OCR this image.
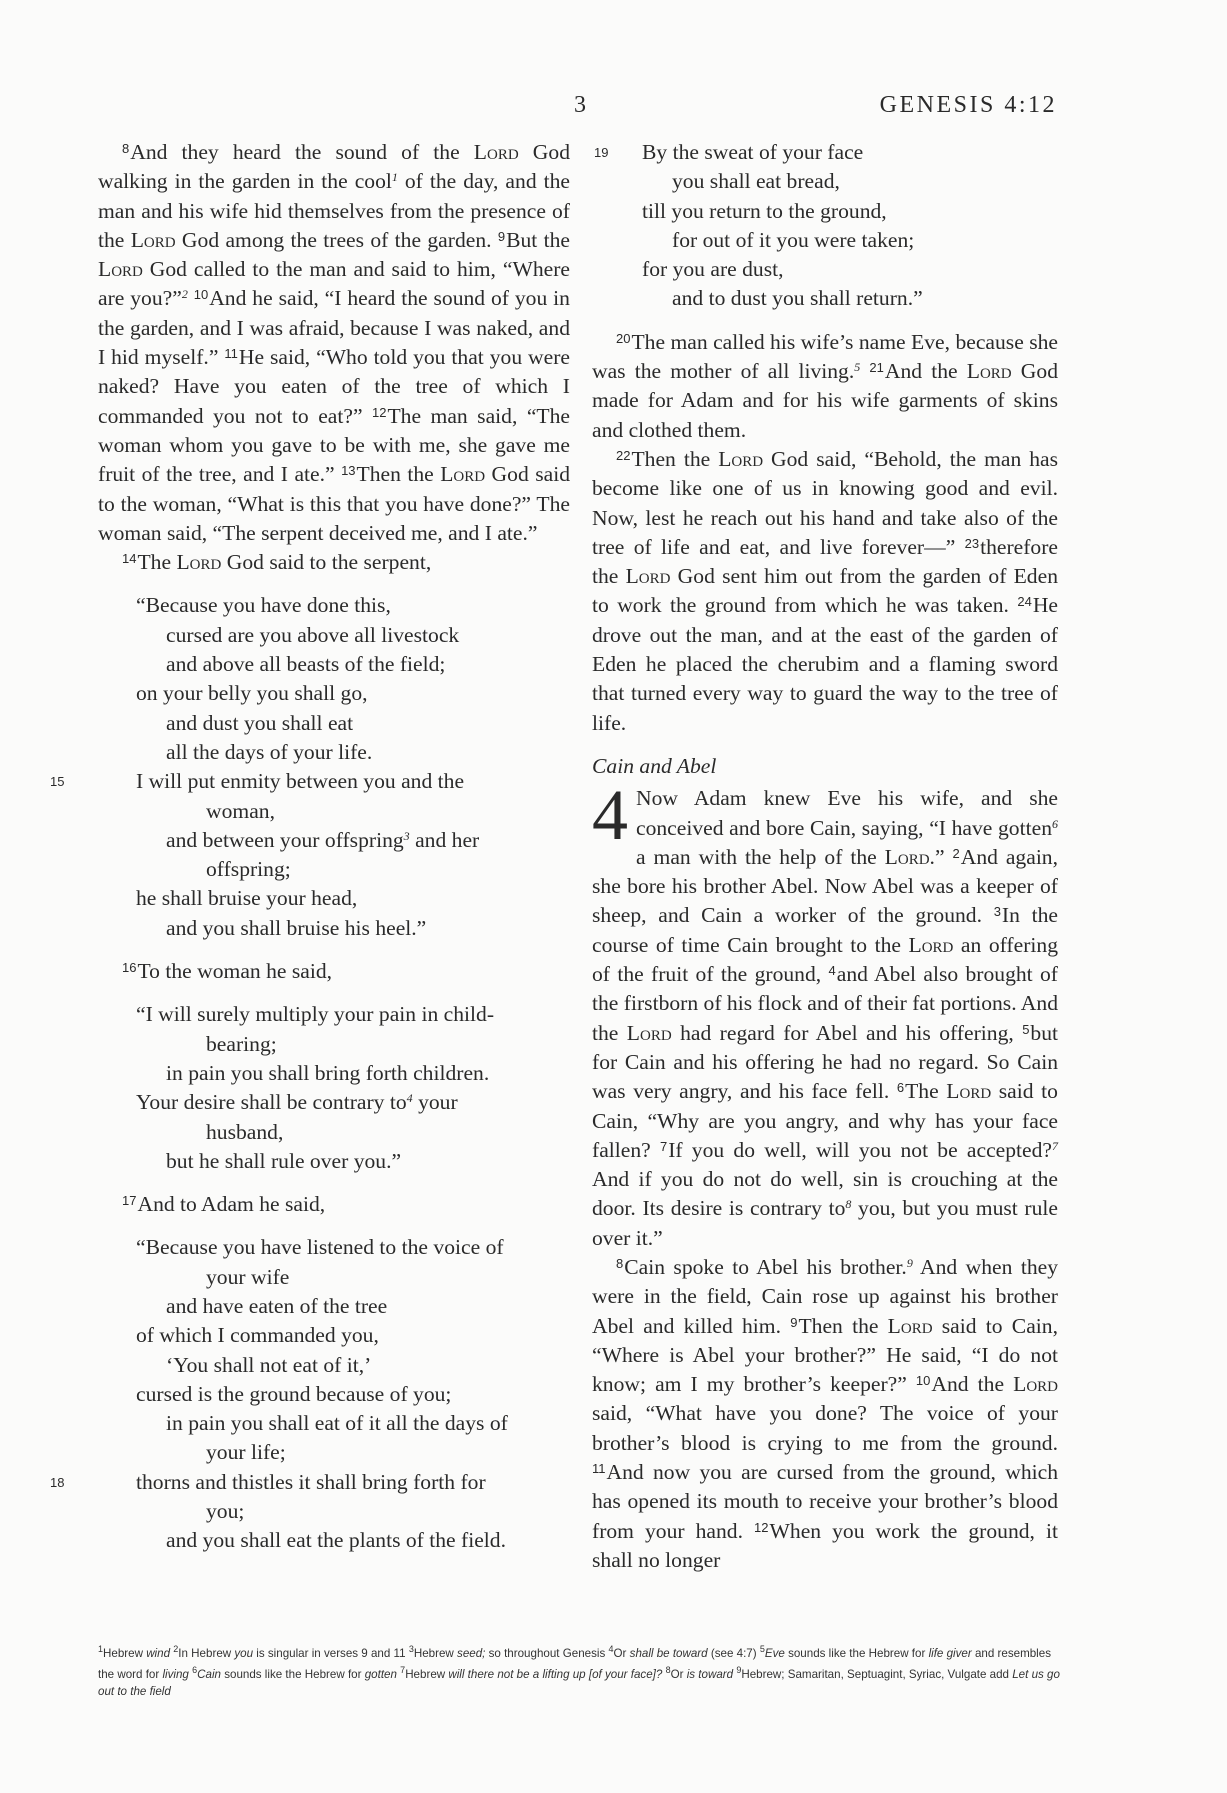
3	GENESIS 4:12

$^8$And they heard the sound of the Lord God walking in the garden in the cool$^1$ of the day, and the man and his wife hid themselves from the presence of the Lord God among the trees of the garden. $^9$But the Lord God called to the man and said to him, “Where are you?”$^2$ $^{10}$And he said, “I heard the sound of you in the garden, and I was afraid, because I was naked, and I hid myself.” $^{11}$He said, “Who told you that you were naked? Have you eaten of the tree of which I commanded you not to eat?” $^{12}$The man said, “The woman whom you gave to be with me, she gave me fruit of the tree, and I ate.” $^{13}$Then the Lord God said to the woman, “What is this that you have done?” The woman said, “The serpent deceived me, and I ate.”

$^{14}$The Lord God said to the serpent,

“Because you have done this,
cursed are you above all livestock
and above all beasts of the field;
on your belly you shall go,
and dust you shall eat
all the days of your life.
15	I will put enmity between you and the
woman,
and between your offspring$^3$ and her
offspring;
he shall bruise your head,
and you shall bruise his heel.”

$^{16}$To the woman he said,

“I will surely multiply your pain in child-
bearing;
in pain you shall bring forth children.
Your desire shall be contrary to$^4$ your
husband,
but he shall rule over you.”

$^{17}$And to Adam he said,

“Because you have listened to the voice of
your wife
and have eaten of the tree
of which I commanded you,
‘You shall not eat of it,’
cursed is the ground because of you;
in pain you shall eat of it all the days of
your life;
18	thorns and thistles it shall bring forth for
you;
and you shall eat the plants of the field.
19 By the sweat of your face
you shall eat bread,
till you return to the ground,
for out of it you were taken;
for you are dust,
and to dust you shall return.”

$^{20}$The man called his wife’s name Eve, because she was the mother of all living.$^5$ $^{21}$And the Lord God made for Adam and for his wife garments of skins and clothed them.

$^{22}$Then the Lord God said, “Behold, the man has become like one of us in knowing good and evil. Now, lest he reach out his hand and take also of the tree of life and eat, and live forever—” $^{23}$therefore the Lord God sent him out from the garden of Eden to work the ground from which he was taken. $^{24}$He drove out the man, and at the east of the garden of Eden he placed the cherubim and a flaming sword that turned every way to guard the way to the tree of life.

Cain and Abel

4 Now Adam knew Eve his wife, and she conceived and bore Cain, saying, “I have gotten$^6$ a man with the help of the Lord.” $^2$And again, she bore his brother Abel. Now Abel was a keeper of sheep, and Cain a worker of the ground. $^3$In the course of time Cain brought to the Lord an offering of the fruit of the ground, $^4$and Abel also brought of the firstborn of his flock and of their fat portions. And the Lord had regard for Abel and his offering, $^5$but for Cain and his offering he had no regard. So Cain was very angry, and his face fell. $^6$The Lord said to Cain, “Why are you angry, and why has your face fallen? $^7$If you do well, will you not be accepted?$^7$ And if you do not do well, sin is crouching at the door. Its desire is contrary to$^8$ you, but you must rule over it.”

$^8$Cain spoke to Abel his brother.$^9$ And when they were in the field, Cain rose up against his brother Abel and killed him. $^9$Then the Lord said to Cain, “Where is Abel your brother?” He said, “I do not know; am I my brother’s keeper?” $^{10}$And the Lord said, “What have you done? The voice of your brother’s blood is crying to me from the ground. $^{11}$And now you are cursed from the ground, which has opened its mouth to receive your brother’s blood from your hand. $^{12}$When you work the ground, it shall no longer

$^1$Hebrew wind $^2$In Hebrew you is singular in verses 9 and 11 $^3$Hebrew seed; so throughout Genesis $^4$Or shall be toward (see 4:7) $^5$Eve sounds like the Hebrew for life giver and resembles the word for living $^6$Cain sounds like the Hebrew for gotten $^7$Hebrew will there not be a lifting up [of your face]? $^8$Or is toward $^9$Hebrew; Samaritan, Septuagint, Syriac, Vulgate add Let us go out to the field
